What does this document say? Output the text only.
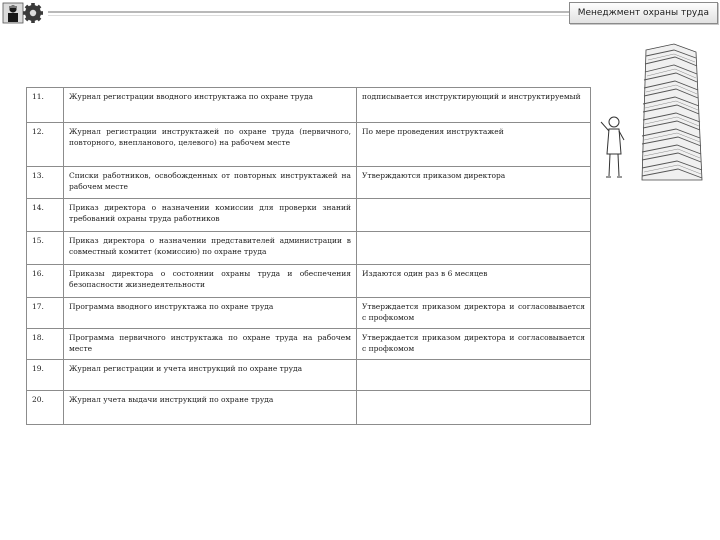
Менеджмент охраны труда
11.	Журнал регистрации вводного инструктажа по охране труда	подписывается инструктирующий и инструктируемый
12.	Журнал регистрации инструктажей по охране труда (первичного, повторного, внепланового, целевого) на рабочем месте	По мере проведения инструктажей
13.	Списки работников, освобожденных от повторных инструктажей на рабочем месте	Утверждаются приказом директора
14.	Приказ директора о назначении комиссии для проверки знаний требований охраны труда работников	
15.	Приказ директора о назначении представителей администрации в совместный комитет (комиссию) по охране труда	
16.	Приказы директора о состоянии охраны труда и обеспечения безопасности жизнедеятельности	Издаются один раз в 6 месяцев
17.	Программа вводного инструктажа по охране труда	Утверждается приказом директора и согласовывается с профкомом
18.	Программа первичного инструктажа по охране труда на рабочем месте	Утверждается приказом директора и согласовывается с профкомом
19.	Журнал регистрации и учета инструкций по охране труда	
20.	Журнал учета выдачи инструкций по охране труда	
